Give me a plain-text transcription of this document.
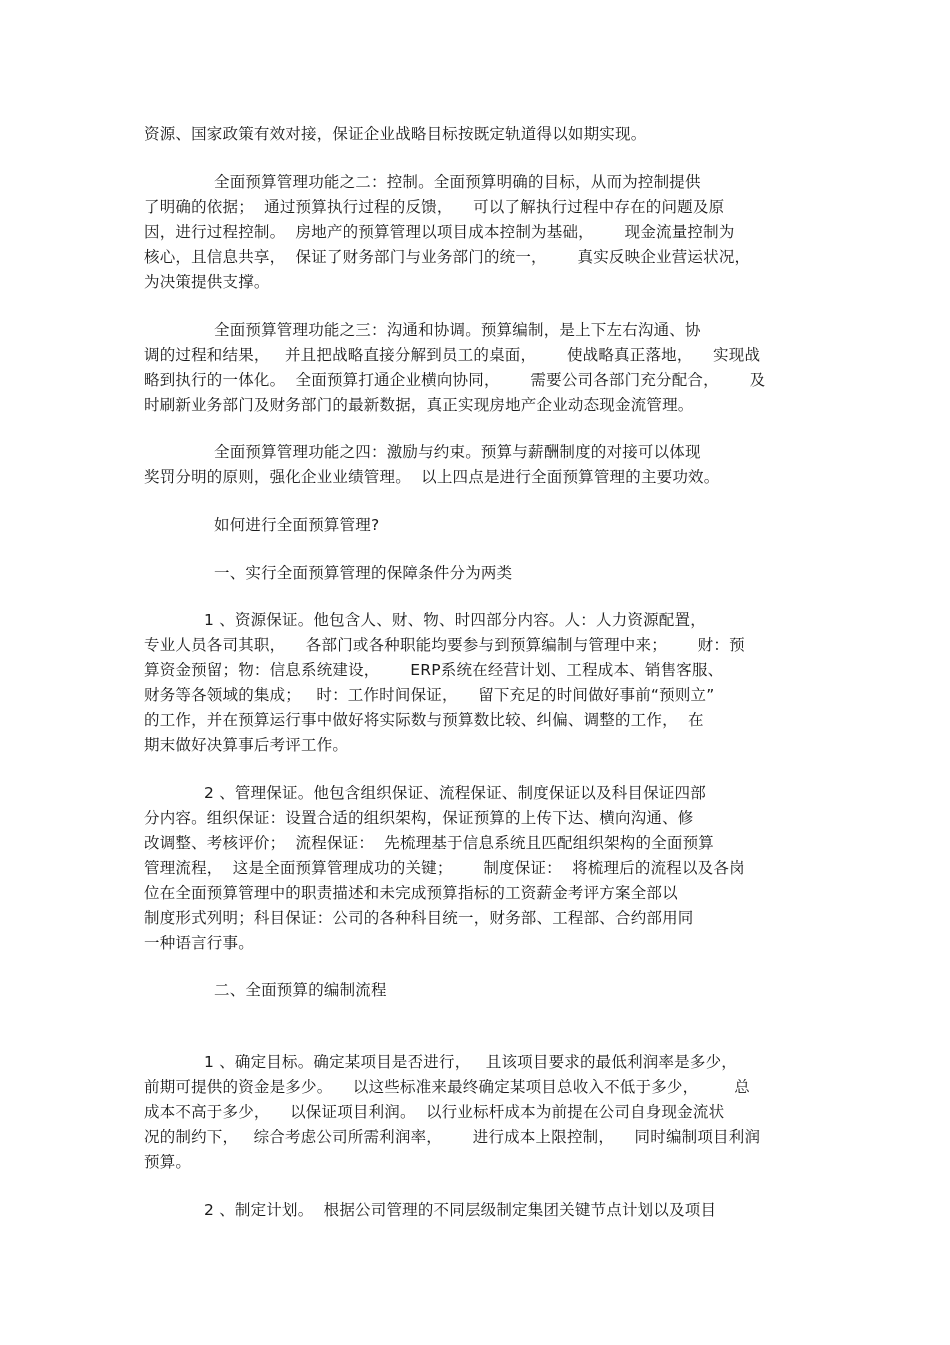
资源、国家政策有效对接，保证企业战略目标按既定轨道得以如期实现。
全面预算管理功能之二：控制。全面预算明确的目标，从而为控制提供
了明确的依据；  通过预算执行过程的反馈，    可以了解执行过程中存在的问题及原
因，进行过程控制。  房地产的预算管理以项目成本控制为基础，      现金流量控制为
核心，且信息共享，  保证了财务部门与业务部门的统一，      真实反映企业营运状况，
为决策提供支撑。
全面预算管理功能之三：沟通和协调。预算编制，是上下左右沟通、协
调的过程和结果，   并且把战略直接分解到员工的桌面，      使战略真正落地，    实现战
略到执行的一体化。  全面预算打通企业横向协同，      需要公司各部门充分配合，      及
时刷新业务部门及财务部门的最新数据，真正实现房地产企业动态现金流管理。
全面预算管理功能之四：激励与约束。预算与薪酬制度的对接可以体现
奖罚分明的原则，强化企业业绩管理。  以上四点是进行全面预算管理的主要功效。
如何进行全面预算管理?
一、实行全面预算管理的保障条件分为两类
1 、资源保证。他包含人、财、物、时四部分内容。人：人力资源配置，
专业人员各司其职，    各部门或各种职能均要参与到预算编制与管理中来；      财：预
算资金预留；物：信息系统建设，      ERP系统在经营计划、工程成本、销售客服、
财务等各领域的集成；   时：工作时间保证，    留下充足的时间做好事前“预则立”
的工作，并在预算运行事中做好将实际数与预算数比较、纠偏、调整的工作，  在
期末做好决算事后考评工作。
2 、管理保证。他包含组织保证、流程保证、制度保证以及科目保证四部
分内容。组织保证：设置合适的组织架构，保证预算的上传下达、横向沟通、修
改调整、考核评价；  流程保证：  先梳理基于信息系统且匹配组织架构的全面预算
管理流程，  这是全面预算管理成功的关键；      制度保证：  将梳理后的流程以及各岗
位在全面预算管理中的职责描述和未完成预算指标的工资薪金考评方案全部以
制度形式列明；科目保证：公司的各种科目统一，财务部、工程部、合约部用同
一种语言行事。
二、全面预算的编制流程
1 、确定目标。确定某项目是否进行，   且该项目要求的最低利润率是多少，
前期可提供的资金是多少。    以这些标准来最终确定某项目总收入不低于多少，       总
成本不高于多少，    以保证项目利润。  以行业标杆成本为前提在公司自身现金流状
况的制约下，   综合考虑公司所需利润率，      进行成本上限控制，    同时编制项目利润
预算。
2 、制定计划。  根据公司管理的不同层级制定集团关键节点计划以及项目
